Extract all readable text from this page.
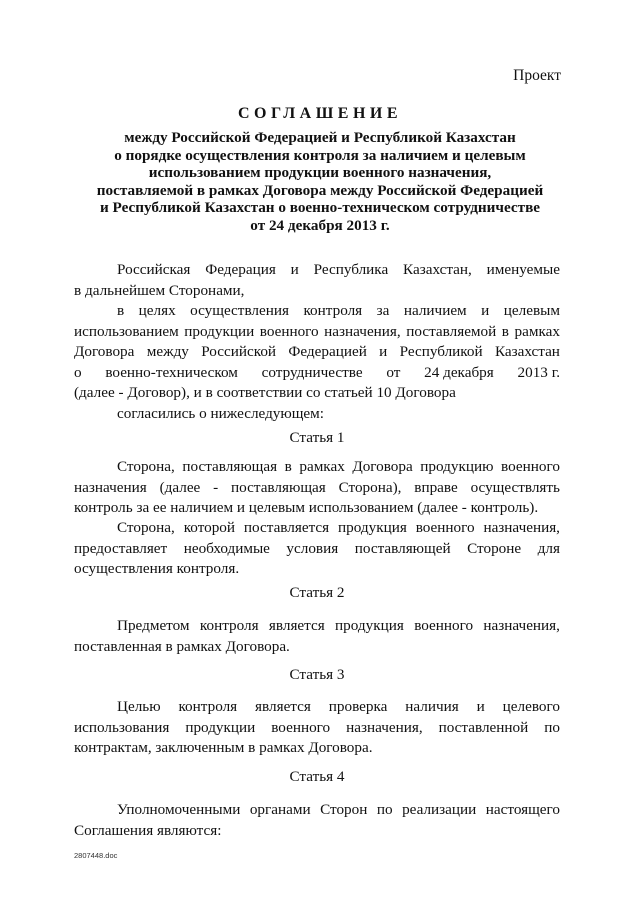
Проект
СОГЛАШЕНИЕ
между Российской Федерацией и Республикой Казахстан
о порядке осуществления контроля за наличием и целевым
использованием продукции военного назначения,
поставляемой в рамках Договора между Российской Федерацией
и Республикой Казахстан о военно-техническом сотрудничестве
от 24 декабря 2013 г.
Российская Федерация и Республика Казахстан, именуемые
в дальнейшем Сторонами,
в целях осуществления контроля за наличием и целевым
использованием продукции военного назначения, поставляемой в рамках
Договора между Российской Федерацией и Республикой Казахстан
о военно-техническом сотрудничестве от 24 декабря 2013 г.
(далее - Договор), и в соответствии со статьей 10 Договора
согласились о нижеследующем:
Статья 1
Сторона, поставляющая в рамках Договора продукцию военного
назначения (далее - поставляющая Сторона), вправе осуществлять
контроль за ее наличием и целевым использованием (далее - контроль).
Сторона, которой поставляется продукция военного назначения,
предоставляет необходимые условия поставляющей Стороне для
осуществления контроля.
Статья 2
Предметом контроля является продукция военного назначения,
поставленная в рамках Договора.
Статья 3
Целью контроля является проверка наличия и целевого
использования продукции военного назначения, поставленной по
контрактам, заключенным в рамках Договора.
Статья 4
Уполномоченными органами Сторон по реализации настоящего
Соглашения являются:
2807448.doc
